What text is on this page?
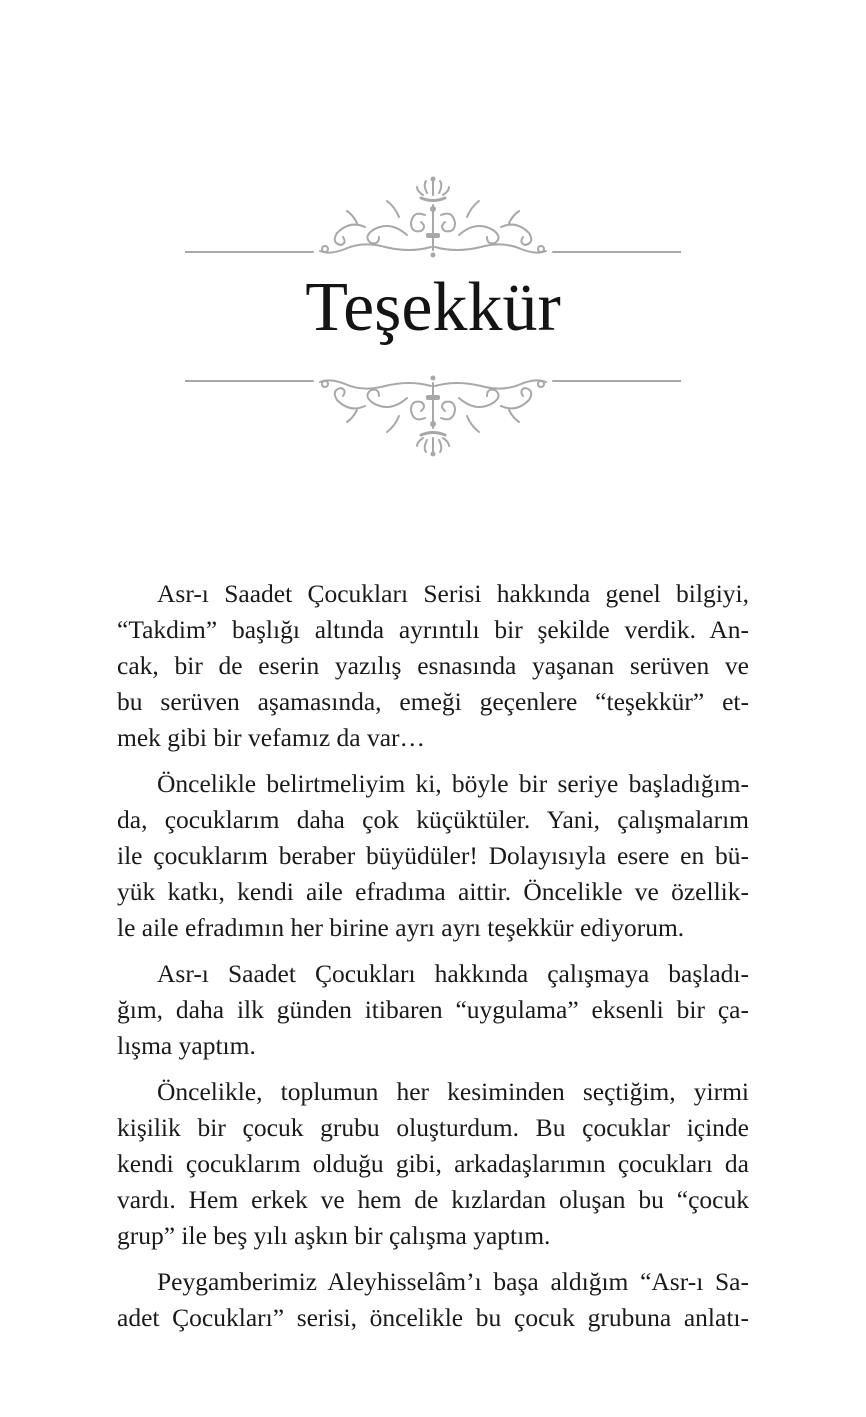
Teşekkür

Asr-ı Saadet Çocukları Serisi hakkında genel bilgiyi,
“Takdim” başlığı altında ayrıntılı bir şekilde verdik. An-
cak, bir de eserin yazılış esnasında yaşanan serüven ve
bu serüven aşamasında, emeği geçenlere “teşekkür” et-
mek gibi bir vefamız da var…

Öncelikle belirtmeliyim ki, böyle bir seriye başladığım-
da, çocuklarım daha çok küçüktüler. Yani, çalışmalarım
ile çocuklarım beraber büyüdüler! Dolayısıyla esere en bü-
yük katkı, kendi aile efradıma aittir. Öncelikle ve özellik-
le aile efradımın her birine ayrı ayrı teşekkür ediyorum.

Asr-ı Saadet Çocukları hakkında çalışmaya başladı-
ğım, daha ilk günden itibaren “uygulama” eksenli bir ça-
lışma yaptım.

Öncelikle, toplumun her kesiminden seçtiğim, yirmi
kişilik bir çocuk grubu oluşturdum. Bu çocuklar içinde
kendi çocuklarım olduğu gibi, arkadaşlarımın çocukları da
vardı. Hem erkek ve hem de kızlardan oluşan bu “çocuk
grup” ile beş yılı aşkın bir çalışma yaptım.

Peygamberimiz Aleyhisselâm’ı başa aldığım “Asr-ı Sa-
adet Çocukları” serisi, öncelikle bu çocuk grubuna anlatı-
